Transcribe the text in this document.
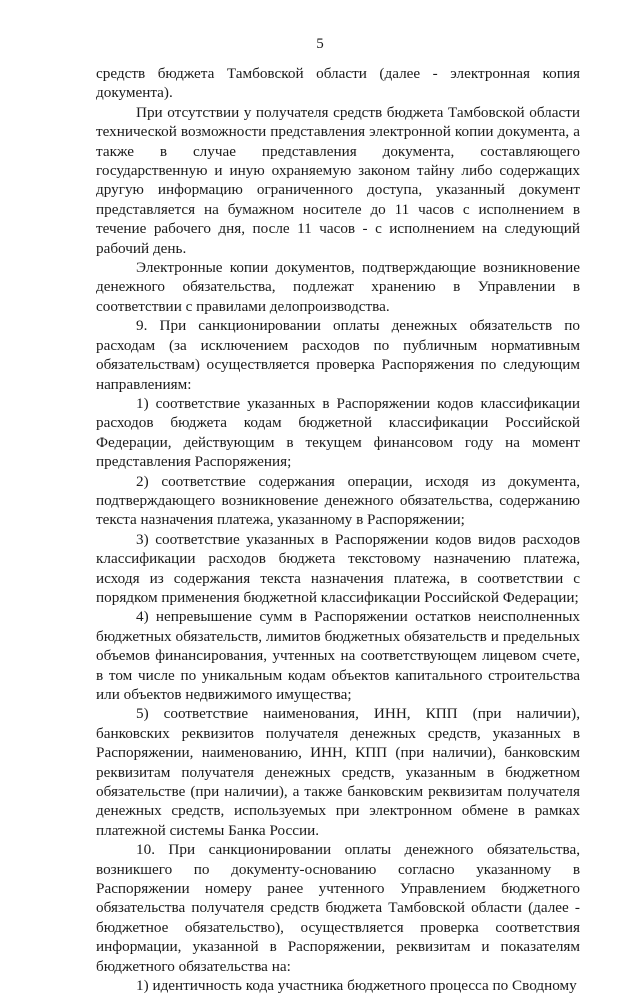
5

средств бюджета Тамбовской области (далее - электронная копия документа).

При отсутствии у получателя средств бюджета Тамбовской области технической возможности представления электронной копии документа, а также в случае представления документа, составляющего государственную и иную охраняемую законом тайну либо содержащих другую информацию ограниченного доступа, указанный документ представляется на бумажном носителе до 11 часов с исполнением в течение рабочего дня, после 11 часов - с исполнением на следующий рабочий день.

Электронные копии документов, подтверждающие возникновение денежного обязательства, подлежат хранению в Управлении в соответствии с правилами делопроизводства.

9. При санкционировании оплаты денежных обязательств по расходам (за исключением расходов по публичным нормативным обязательствам) осуществляется проверка Распоряжения по следующим направлениям:

1) соответствие указанных в Распоряжении кодов классификации расходов бюджета кодам бюджетной классификации Российской Федерации, действующим в текущем финансовом году на момент представления Распоряжения;

2) соответствие содержания операции, исходя из документа, подтверждающего возникновение денежного обязательства, содержанию текста назначения платежа, указанному в Распоряжении;

3) соответствие указанных в Распоряжении кодов видов расходов классификации расходов бюджета текстовому назначению платежа, исходя из содержания текста назначения платежа, в соответствии с порядком применения бюджетной классификации Российской Федерации;

4) непревышение сумм в Распоряжении остатков неисполненных бюджетных обязательств, лимитов бюджетных обязательств и предельных объемов финансирования, учтенных на соответствующем лицевом счете, в том числе по уникальным кодам объектов капитального строительства или объектов недвижимого имущества;

5) соответствие наименования, ИНН, КПП (при наличии), банковских реквизитов получателя денежных средств, указанных в Распоряжении, наименованию, ИНН, КПП (при наличии), банковским реквизитам получателя денежных средств, указанным в бюджетном обязательстве (при наличии), а также банковским реквизитам получателя денежных средств, используемых при электронном обмене в рамках платежной системы Банка России.

10. При санкционировании оплаты денежного обязательства, возникшего по документу-основанию согласно указанному в Распоряжении номеру ранее учтенного Управлением бюджетного обязательства получателя средств бюджета Тамбовской области (далее - бюджетное обязательство), осуществляется проверка соответствия информации, указанной в Распоряжении, реквизитам и показателям бюджетного обязательства на:

1) идентичность кода участника бюджетного процесса по Сводному
